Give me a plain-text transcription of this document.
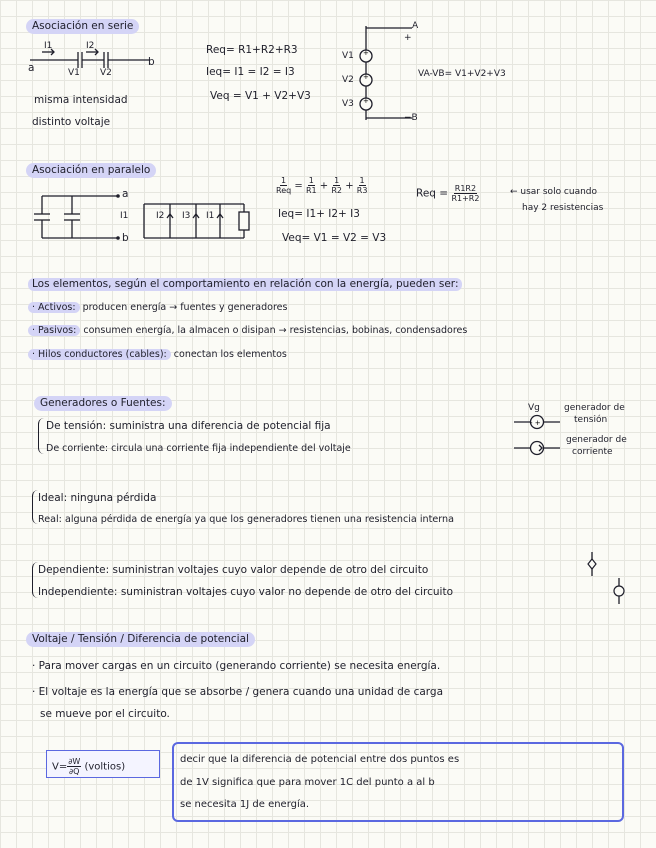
Asociación en serie
I1	I2
a	b
V1 V2
Req= R1+R2+R3
Ieq= I1 = I2 = I3
Veq = V1 + V2+V3
misma intensidad
distinto voltaje
+
+
+
V1
V2
V3
A
+
−B
VA-VB= V1+V2+V3
Asociación en paralelo
a
b
I1	I2 I3 I1
$\frac{1}{\text{Req}} = \frac{1}{R1} + \frac{1}{R2} + \frac{1}{R3}$
Ieq= I1+ I2+ I3
Veq= V1 = V2 = V3
Req = $\frac{R1R2}{R1+R2}$	← usar solo cuando
hay 2 resistencias
Los elementos, según el comportamiento en relación con la energía, pueden ser:
· Activos: producen energía → fuentes y generadores
· Pasivos: consumen energía, la almacen o disipan → resistencias, bobinas, condensadores
· Hilos conductores (cables): conectan los elementos
Generadores o Fuentes:
De tensión: suministra una diferencia de potencial fija
De corriente: circula una corriente fija independiente del voltaje
- +
Vg	generador de
tensión
generador de
corriente
Ideal: ninguna pérdida
Real: alguna pérdida de energía ya que los generadores tienen una resistencia interna
Dependiente: suministran voltajes cuyo valor depende de otro del circuito
Independiente: suministran voltajes cuyo valor no depende de otro del circuito
Voltaje / Tensión / Diferencia de potencial
· Para mover cargas en un circuito (generando corriente) se necesita energía.
· El voltaje es la energía que se absorbe / genera cuando una unidad de carga
se mueve por el circuito.
$V= \frac{\partial W}{\partial Q}$ (voltios)
decir que la diferencia de potencial entre dos puntos es
de 1V significa que para mover 1C del punto a al b
se necesita 1J de energía.
